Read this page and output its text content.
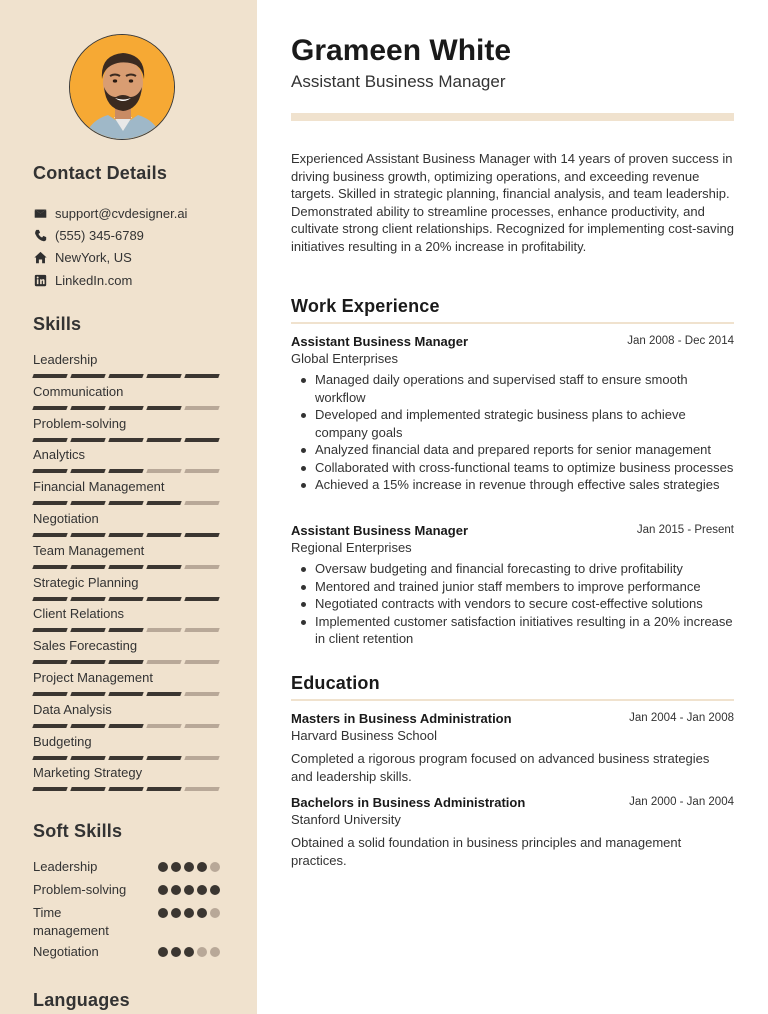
Contact Details
support@cvdesigner.ai
(555) 345-6789
NewYork, US
LinkedIn.com
Skills
Leadership
Communication
Problem-solving
Analytics
Financial Management
Negotiation
Team Management
Strategic Planning
Client Relations
Sales Forecasting
Project Management
Data Analysis
Budgeting
Marketing Strategy
Soft Skills
Leadership
Problem-solving
Time management
Negotiation
Languages
Grameen White
Assistant Business Manager
Experienced Assistant Business Manager with 14 years of proven success in driving business growth, optimizing operations, and exceeding revenue targets. Skilled in strategic planning, financial analysis, and team leadership. Demonstrated ability to streamline processes, enhance productivity, and cultivate strong client relationships. Recognized for implementing cost-saving initiatives resulting in a 20% increase in profitability.
Work Experience
Assistant Business Manager	Jan 2008 - Dec 2014
Global Enterprises
Managed daily operations and supervised staff to ensure smooth workflow
Developed and implemented strategic business plans to achieve company goals
Analyzed financial data and prepared reports for senior management
Collaborated with cross-functional teams to optimize business processes
Achieved a 15% increase in revenue through effective sales strategies
Assistant Business Manager	Jan 2015 - Present
Regional Enterprises
Oversaw budgeting and financial forecasting to drive profitability
Mentored and trained junior staff members to improve performance
Negotiated contracts with vendors to secure cost-effective solutions
Implemented customer satisfaction initiatives resulting in a 20% increase in client retention
Education
Masters in Business Administration	Jan 2004 - Jan 2008
Harvard Business School
Completed a rigorous program focused on advanced business strategies and leadership skills.
Bachelors in Business Administration	Jan 2000 - Jan 2004
Stanford University
Obtained a solid foundation in business principles and management practices.
